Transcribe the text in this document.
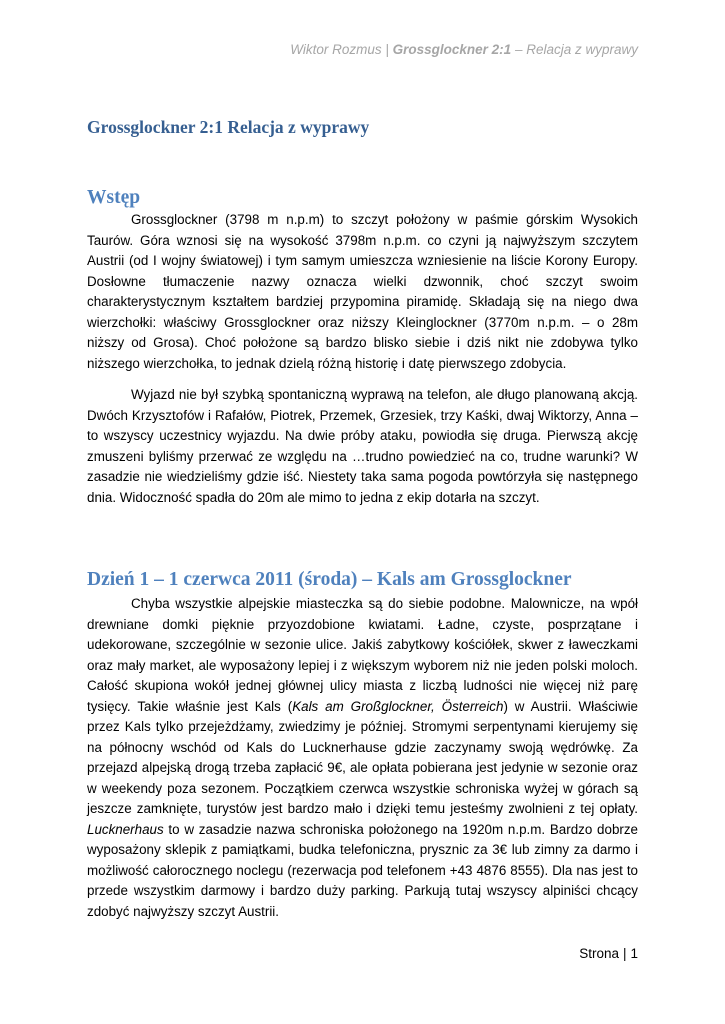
Wiktor Rozmus | Grossglockner 2:1 – Relacja z wyprawy
Grossglockner 2:1 Relacja z wyprawy
Wstęp

Grossglockner (3798 m n.p.m) to szczyt położony w paśmie górskim Wysokich Taurów. Góra wznosi się na wysokość 3798m n.p.m. co czyni ją najwyższym szczytem Austrii (od I wojny światowej) i tym samym umieszcza wzniesienie na liście Korony Europy. Dosłowne tłumaczenie nazwy oznacza wielki dzwonnik, choć szczyt swoim charakterystycznym kształtem bardziej przypomina piramidę. Składają się na niego dwa wierzchołki: właściwy Grossglockner oraz niższy Kleinglockner (3770m n.p.m. – o 28m niższy od Grosa). Choć położone są bardzo blisko siebie i dziś nikt nie zdobywa tylko niższego wierzchołka, to jednak dzielą różną historię i datę pierwszego zdobycia.

Wyjazd nie był szybką spontaniczną wyprawą na telefon, ale długo planowaną akcją. Dwóch Krzysztofów i Rafałów, Piotrek, Przemek, Grzesiek, trzy Kaśki, dwaj Wiktorzy, Anna – to wszyscy uczestnicy wyjazdu. Na dwie próby ataku, powiodła się druga. Pierwszą akcję zmuszeni byliśmy przerwać ze względu na …trudno powiedzieć na co, trudne warunki? W zasadzie nie wiedzieliśmy gdzie iść. Niestety taka sama pogoda powtórzyła się następnego dnia. Widoczność spadła do 20m ale mimo to jedna z ekip dotarła na szczyt.

Dzień 1 – 1 czerwca 2011 (środa) – Kals am Grossglockner

Chyba wszystkie alpejskie miasteczka są do siebie podobne. Malownicze, na wpół drewniane domki pięknie przyozdobione kwiatami. Ładne, czyste, posprzątane i udekorowane, szczególnie w sezonie ulice. Jakiś zabytkowy kościółek, skwer z ławeczkami oraz mały market, ale wyposażony lepiej i z większym wyborem niż nie jeden polski moloch. Całość skupiona wokół jednej głównej ulicy miasta z liczbą ludności nie więcej niż parę tysięcy. Takie właśnie jest Kals (Kals am Großglockner, Österreich) w Austrii. Właściwie przez Kals tylko przejeżdżamy, zwiedzimy je później. Stromymi serpentynami kierujemy się na północny wschód od Kals do Lucknerhause gdzie zaczynamy swoją wędrówkę. Za przejazd alpejską drogą trzeba zapłacić 9€, ale opłata pobierana jest jedynie w sezonie oraz w weekendy poza sezonem. Początkiem czerwca wszystkie schroniska wyżej w górach są jeszcze zamknięte, turystów jest bardzo mało i dzięki temu jesteśmy zwolnieni z tej opłaty. Lucknerhaus to w zasadzie nazwa schroniska położonego na 1920m n.p.m. Bardzo dobrze wyposażony sklepik z pamiątkami, budka telefoniczna, prysznic za 3€ lub zimny za darmo i możliwość całorocznego noclegu (rezerwacja pod telefonem +43 4876 8555). Dla nas jest to przede wszystkim darmowy i bardzo duży parking. Parkują tutaj wszyscy alpiniści chcący zdobyć najwyższy szczyt Austrii.

Strona | 1
